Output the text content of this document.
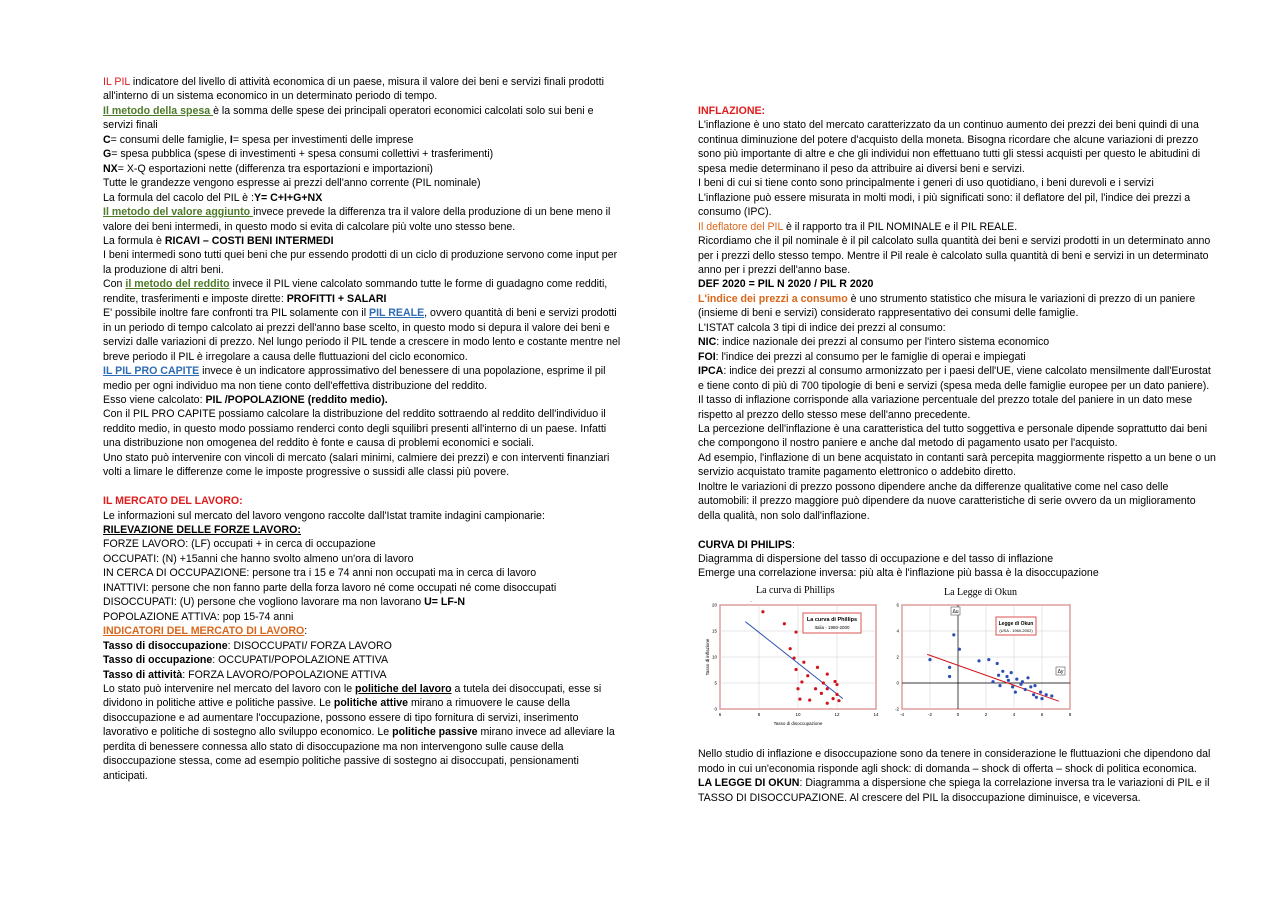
IL PIL indicatore del livello di attività economica di un paese, misura il valore dei beni e servizi finali prodotti all'interno di un sistema economico in un determinato periodo di tempo.
Il metodo della spesa è la somma delle spese dei principali operatori economici calcolati solo sui beni e servizi finali
C= consumi delle famiglie, I= spesa per investimenti delle imprese
G= spesa pubblica (spese di investimenti + spesa consumi collettivi + trasferimenti)
NX= X-Q esportazioni nette (differenza tra esportazioni e importazioni)
Tutte le grandezze vengono espresse ai prezzi dell'anno corrente (PIL nominale)
La formula del cacolo del PIL è :Y= C+I+G+NX
Il metodo del valore aggiunto invece prevede la differenza tra il valore della produzione di un bene meno il valore dei beni intermedi, in questo modo si evita di calcolare più volte uno stesso bene.
La formula è RICAVI – COSTI BENI INTERMEDI
I beni intermedi sono tutti quei beni che pur essendo prodotti di un ciclo di produzione servono come input per la produzione di altri beni.
Con il metodo del reddito invece il PIL viene calcolato sommando tutte le forme di guadagno come redditi, rendite, trasferimenti e imposte dirette: PROFITTI + SALARI
E' possibile inoltre fare confronti tra PIL solamente con il PIL REALE, ovvero quantità di beni e servizi prodotti in un periodo di tempo calcolato ai prezzi dell'anno base scelto, in questo modo si depura il valore dei beni e servizi dalle variazioni di prezzo. Nel lungo periodo il PIL tende a crescere in modo lento e costante mentre nel breve periodo il PIL è irregolare a causa delle fluttuazioni del ciclo economico.
IL PIL PRO CAPITE invece è un indicatore approssimativo del benessere di una popolazione, esprime il pil medio per ogni individuo ma non tiene conto dell'effettiva distribuzione del reddito.
Esso viene calcolato: PIL /POPOLAZIONE (reddito medio).
Con il PIL PRO CAPITE possiamo calcolare la distribuzione del reddito sottraendo al reddito dell'individuo il reddito medio, in questo modo possiamo renderci conto degli squilibri presenti all'interno di un paese. Infatti una distribuzione non omogenea del reddito è fonte e causa di problemi economici e sociali.
Uno stato può intervenire con vincoli di mercato (salari minimi, calmiere dei prezzi) e con interventi finanziari volti a limare le differenze come le imposte progressive o sussidi alle classi più povere.
IL MERCATO DEL LAVORO:
Le informazioni sul mercato del lavoro vengono raccolte dall'Istat tramite indagini campionarie:
RILEVAZIONE DELLE FORZE LAVORO:
FORZE LAVORO: (LF) occupati + in cerca di occupazione
OCCUPATI: (N) +15anni che hanno svolto almeno un'ora di lavoro
IN CERCA DI OCCUPAZIONE: persone tra i 15 e 74 anni non occupati ma in cerca di lavoro
INATTIVI: persone che non fanno parte della forza lavoro né come occupati né come disoccupati
DISOCCUPATI: (U) persone che vogliono lavorare ma non lavorano U= LF-N
POPOLAZIONE ATTIVA: pop 15-74 anni
INDICATORI DEL MERCATO DI LAVORO:
Tasso di disoccupazione: DISOCCUPATI/ FORZA LAVORO
Tasso di occupazione: OCCUPATI/POPOLAZIONE ATTIVA
Tasso di attività: FORZA LAVORO/POPOLAZIONE ATTIVA
Lo stato può intervenire nel mercato del lavoro con le politiche del lavoro a tutela dei disoccupati, esse si dividono in politiche attive e politiche passive. Le politiche attive mirano a rimuovere le cause della disoccupazione e ad aumentare l'occupazione, possono essere di tipo fornitura di servizi, inserimento lavorativo e politiche di sostegno allo sviluppo economico. Le politiche passive mirano invece ad alleviare la perdita di benessere connessa allo stato di disoccupazione ma non intervengono sulle cause della disoccupazione stessa, come ad esempio politiche passive di sostegno ai disoccupati, pensionamenti anticipati.
INFLAZIONE:
L'inflazione è uno stato del mercato caratterizzato da un continuo aumento dei prezzi dei beni quindi di una continua diminuzione del potere d'acquisto della moneta. Bisogna ricordare che alcune variazioni di prezzo sono più importante di altre e che gli individui non effettuano tutti gli stessi acquisti per questo le abitudini di spesa medie determinano il peso da attribuire ai diversi beni e servizi.
I beni di cui si tiene conto sono principalmente i generi di uso quotidiano, i beni durevoli e i servizi
L'inflazione può essere misurata in molti modi, i più significati sono: il deflatore del pil, l'indice dei prezzi a consumo (IPC).
Il deflatore del PIL è il rapporto tra il PIL NOMINALE e il PIL REALE.
Ricordiamo che il pil nominale è il pil calcolato sulla quantità dei beni e servizi prodotti in un determinato anno per i prezzi dello stesso tempo. Mentre il Pil reale è calcolato sulla quantità di beni e servizi in un determinato anno per i prezzi dell'anno base.
DEF 2020 = PIL N 2020 / PIL R 2020
L'indice dei prezzi a consumo è uno strumento statistico che misura le variazioni di prezzo di un paniere (insieme di beni e servizi) considerato rappresentativo dei consumi delle famiglie.
L'ISTAT calcola 3 tipi di indice dei prezzi al consumo:
NIC: indice nazionale dei prezzi al consumo per l'intero sistema economico
FOI: l'indice dei prezzi al consumo per le famiglie di operai e impiegati
IPCA: indice dei prezzi al consumo armonizzato per i paesi dell'UE, viene calcolato mensilmente dall'Eurostat e tiene conto di più di 700 tipologie di beni e servizi (spesa meda delle famiglie europee per un dato paniere).
Il tasso di inflazione corrisponde alla variazione percentuale del prezzo totale del paniere in un dato mese rispetto al prezzo dello stesso mese dell'anno precedente.
La percezione dell'inflazione è una caratteristica del tutto soggettiva e personale dipende soprattutto dai beni che compongono il nostro paniere e anche dal metodo di pagamento usato per l'acquisto.
Ad esempio, l'inflazione di un bene acquistato in contanti sarà percepita maggiormente rispetto a un bene o un servizio acquistato tramite pagamento elettronico o addebito diretto.
Inoltre le variazioni di prezzo possono dipendere anche da differenze qualitative come nel caso delle automobili: il prezzo maggiore può dipendere da nuove caratteristiche di serie ovvero da un miglioramento della qualità, non solo dall'inflazione.
CURVA DI PHILIPS:
Diagramma di dispersione del tasso di occupazione e del tasso di inflazione
Emerge una correlazione inversa: più alta è l'inflazione più bassa è la disoccupazione
La curva di Phillips	La Legge di Okun
6	8	10	12	14
0
5
10
15
20
La curva di Phillips
Italia - 1980-2000
Tasso di disoccupazione
Tasso di inflazione
-4	-2	0	2	4	6	8
-2
0
2
4
6
Legge di Okun
(USA - 1960-2002)
Δu
Δy
Nello studio di inflazione e disoccupazione sono da tenere in considerazione le fluttuazioni che dipendono dal modo in cui un'economia risponde agli shock: di domanda – shock di offerta – shock di politica economica.
LA LEGGE DI OKUN: Diagramma a dispersione che spiega la correlazione inversa tra le variazioni di PIL e il TASSO DI DISOCCUPAZIONE. Al crescere del PIL la disoccupazione diminuisce, e viceversa.
